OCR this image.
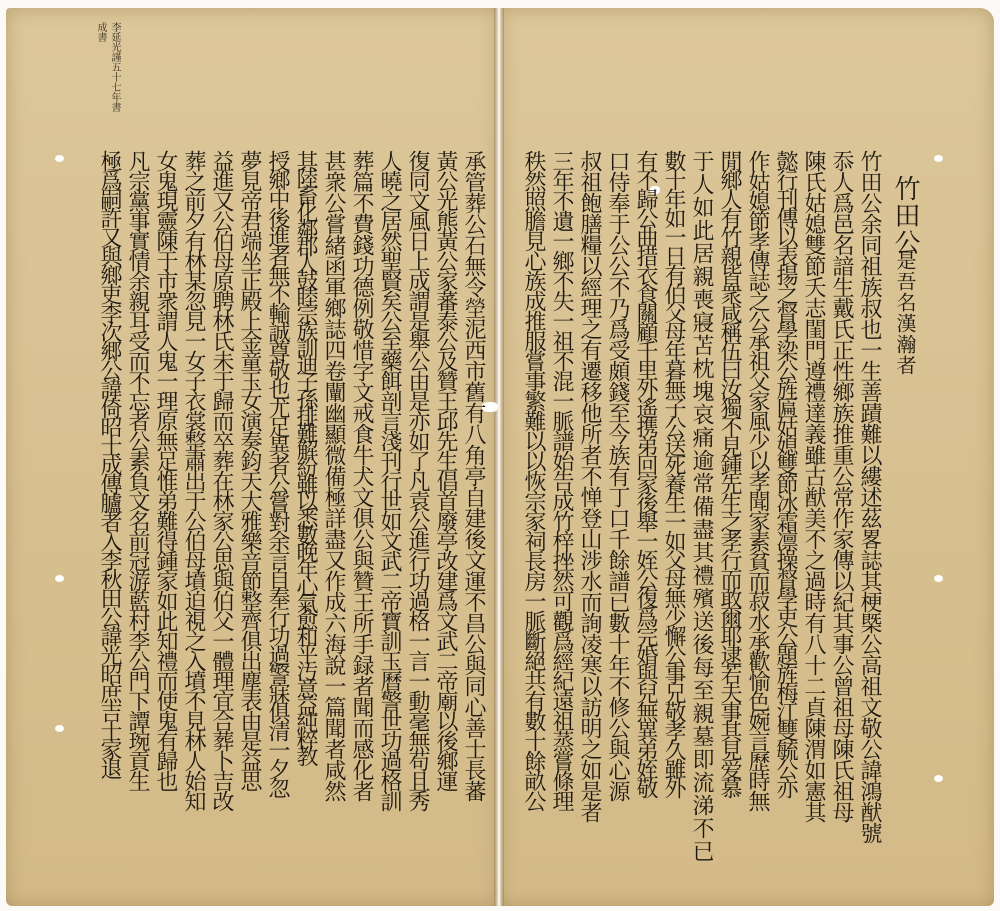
李延光謹五十七年書
成書
竹田公
是吾名漢瀚者
竹田公余同祖族叔也一生善蹟難以縷述茲畧誌其梗槩公高祖文敬公諱鴻猷號
忝人爲邑名諳生戴氏正性鄉族推重公常作家傳以紀其事公曾祖母陳氏祖母
陳氏姑媳雙節夭志閨門遵禮達義雖古猷美不之過時有八十二貞陳渭如憲其
懿行刊傳以表揚之督學梁公旌匾姑媳雙節冰霜凛操督學吏公題旌梅江雙毓公亦
作姑媳節孝傳誌之公承祖父家風少以孝聞家素貧而菽水承歡愉色婉言歷時無
閒鄉人有竹親皆衆咸稱伍曰汝獨不見鍾先生之孝行而敢爾耶逮若夫事其見爱慕
于人如此居親喪寢苫枕塊哀痛逾常備盡其禮殯送後每至親墓即流涕不已
數十年如一日有伯父母年暮無子公送死養生一如父母無少懈公事兄敬孝久雖外
有不歸公曲措衣食關顧千里外遙携弟回家後舉一姪公復爲完婚與兒無異弟姪敬
口侍奉于公公不乃爲受頗錢至今族有丁口千餘譜已數十年不修公與心源
叔祖飽膳糧以經理之有遷移他所者不惮登山涉水而詢凌寒以訪明之如是者
三年不遺一鄉不失一祖不混一脈譜始告成竹梓挫然可觀爲經紀遠祖蒸嘗條理
秩然照膽見心族成推服嘗事繁難以以恢宗家祠長房一脈斷絕共有數十餘畝公
承管葬公石無令塋泥西市舊有八角亭自建後文運不昌公與同心善士長蕃
黃公光熊黃公家蕃泰公及贊王邱先生倡首廢亭改建爲文武二帝廟以後鄉運
復同文風日上成謂是舉公由是亦如了凡袁公進行功過格一言一動毫無苟且秀
人曉之居然聖賢矣公至藥餌剖言淺刊行世如文武二帝寶訓玉曆警世功過格訓
葬篇不費錢功德例敬惜字文戒食牛犬文俱公與贊王所手録者聞而感化者
甚衆公嘗緒函軍鄉誌四卷闡幽顯微備極詳盡又作成六海說一篇聞者咸然
其陸畜化鄰郡人鼓睦宗族訓迪子孫排難解紛雖以悉數晚年心氣愈和平汚意益純粹教
授鄉中後進者無不輸誠尊敬也尤足異者公嘗對余言自奉行功過警寐俱清一夕忽
夢見帝君端坐正殿上金童玉女演奏鈞天大雅樂音節整齊俱出塵表由是益思
益進又公伯母原聘林氏未于歸而卒葬在林家公思與伯父一體理宜合葬卜吉改
葬之前夕有林某忽見一女子衣裳整肅出于公伯母墳迫視之入墳不見林人始知
女鬼現靈陳于市衆謂人鬼一理原無足惟弟難得鍾家如此知禮而使鬼有歸也
凡宗黨事實情余親耳受而不忘者公素負文名前冠游藍村李公門下譚琬貢生
極爲嗣許又與鄉吏李次郷公諱倚昭士成傳臚者入李秋田公諱光昭庶吉士家退
